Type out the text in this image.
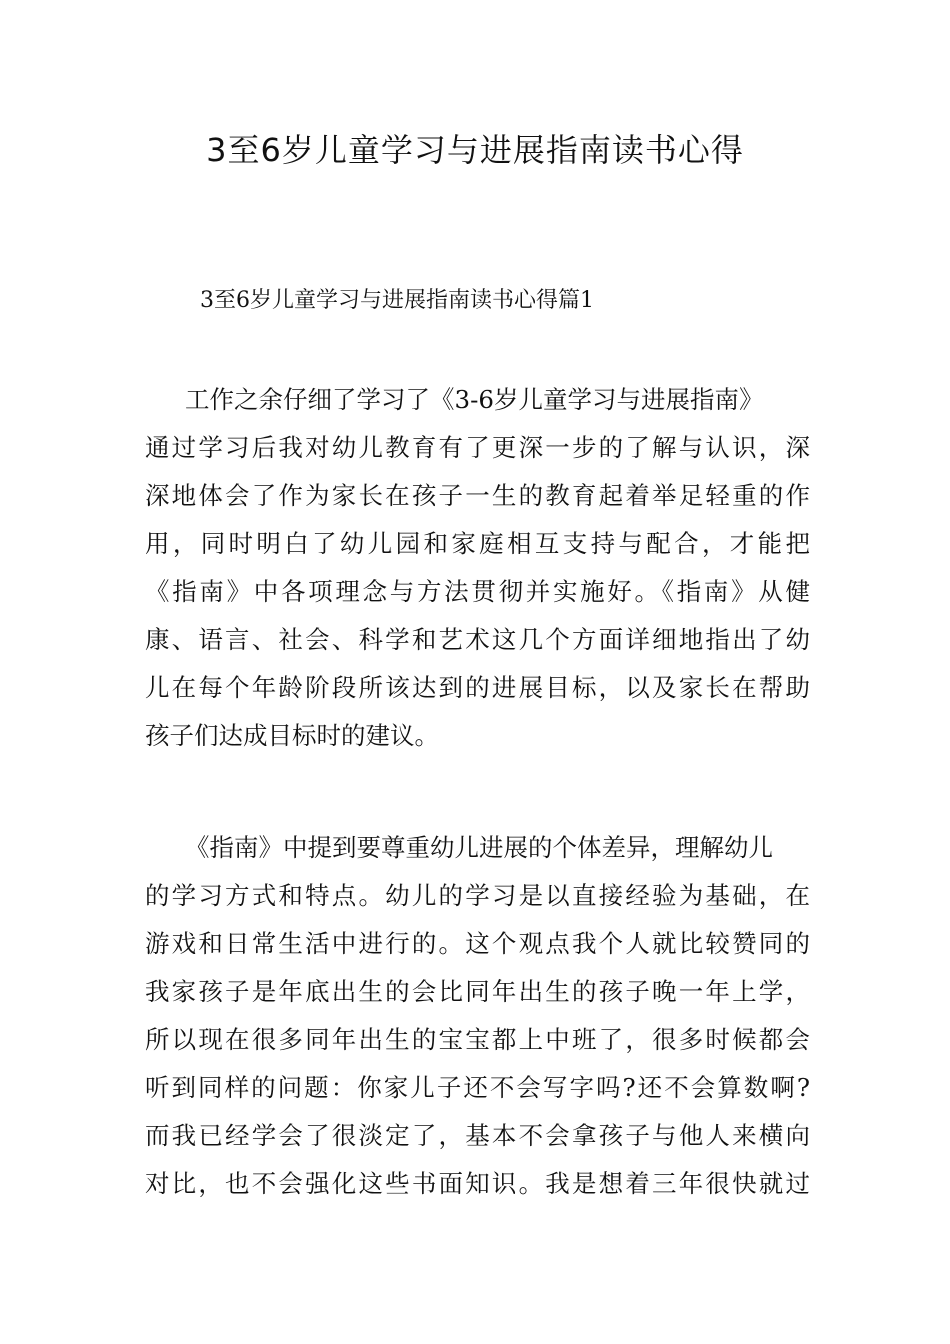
3至6岁儿童学习与进展指南读书心得
3至6岁儿童学习与进展指南读书心得篇1
工作之余仔细了学习了《3-6岁儿童学习与进展指南》
通过学习后我对幼儿教育有了更深一步的了解与认识，深
深地体会了作为家长在孩子一生的教育起着举足轻重的作
用，同时明白了幼儿园和家庭相互支持与配合，才能把
《指南》中各项理念与方法贯彻并实施好。《指南》从健
康、语言、社会、科学和艺术这几个方面详细地指出了幼
儿在每个年龄阶段所该达到的进展目标，以及家长在帮助
孩子们达成目标时的建议。
《指南》中提到要尊重幼儿进展的个体差异，理解幼儿
的学习方式和特点。幼儿的学习是以直接经验为基础，在
游戏和日常生活中进行的。这个观点我个人就比较赞同的
我家孩子是年底出生的会比同年出生的孩子晚一年上学，
所以现在很多同年出生的宝宝都上中班了，很多时候都会
听到同样的问题：你家儿子还不会写字吗?还不会算数啊?
而我已经学会了很淡定了，基本不会拿孩子与他人来横向
对比，也不会强化这些书面知识。我是想着三年很快就过
